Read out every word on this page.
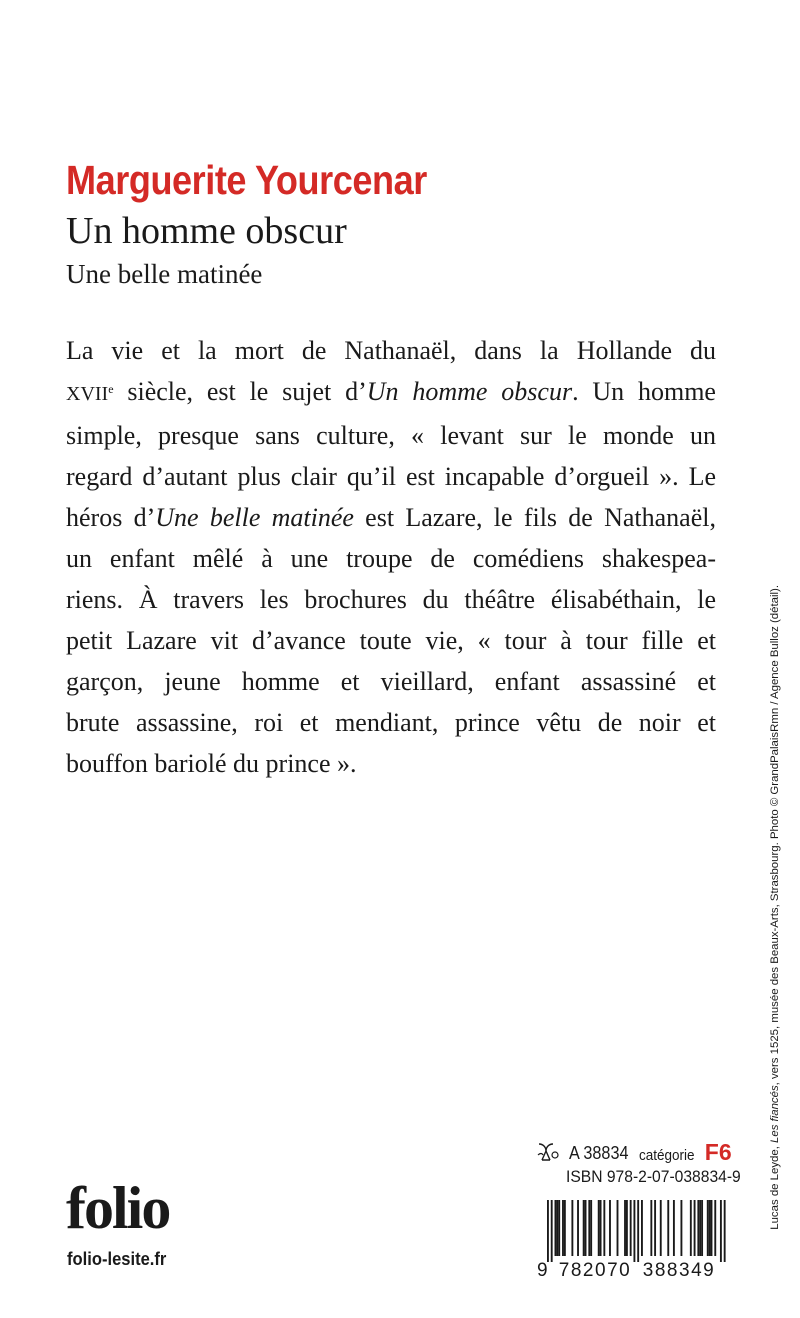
Marguerite Yourcenar
Un homme obscur
Une belle matinée
La vie et la mort de Nathanaël, dans la Hollande du
XVIIe siècle, est le sujet d’Un homme obscur. Un homme
simple, presque sans culture, « levant sur le monde un
regard d’autant plus clair qu’il est incapable d’orgueil ». Le
héros d’Une belle matinée est Lazare, le fils de Nathanaël,
un enfant mêlé à une troupe de comédiens shakespea-
riens. À travers les brochures du théâtre élisabéthain, le
petit Lazare vit d’avance toute vie, « tour à tour fille et
garçon, jeune homme et vieillard, enfant assassiné et
brute assassine, roi et mendiant, prince vêtu de noir et
bouffon bariolé du prince ».
Lucas de Leyde, Les fiancés, vers 1525, musée des Beaux-Arts, Strasbourg. Photo © GrandPalaisRmn / Agence Bulloz (détail).
folio
folio-lesite.fr
A 38834 catégorie F6
ISBN 978-2-07-038834-9
9 782070 388349
